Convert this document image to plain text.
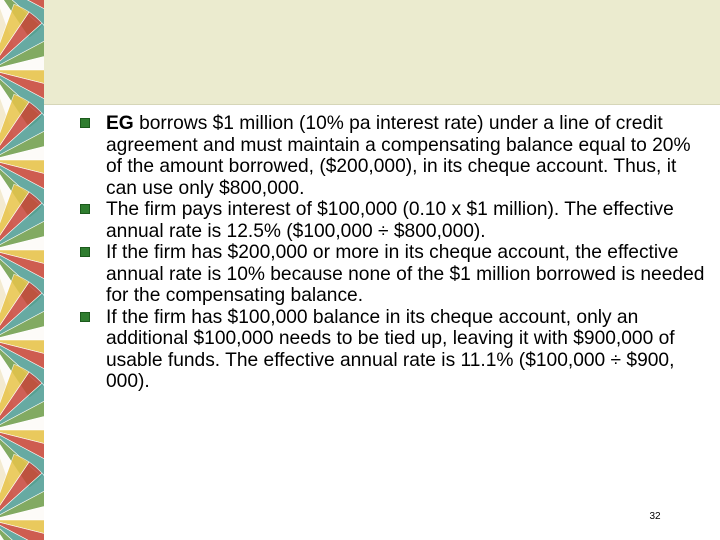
EG borrows $1 million (10% pa interest rate) under a line of credit agreement and must maintain a compensating balance equal to 20% of the amount borrowed, ($200,000), in its cheque account. Thus, it can use only $800,000.
The firm pays interest of $100,000 (0.10 x $1 million). The effective annual rate is 12.5% ($100,000 ÷ $800,000).
If the firm has $200,000 or more in its cheque account, the effective annual rate is 10% because none of the $1 million borrowed is needed for the compensating balance.
If the firm has $100,000 balance in its cheque account, only an additional $100,000 needs to be tied up, leaving it with $900,000 of usable funds. The effective annual rate is 11.1% ($100,000 ÷ $900, 000).
32
